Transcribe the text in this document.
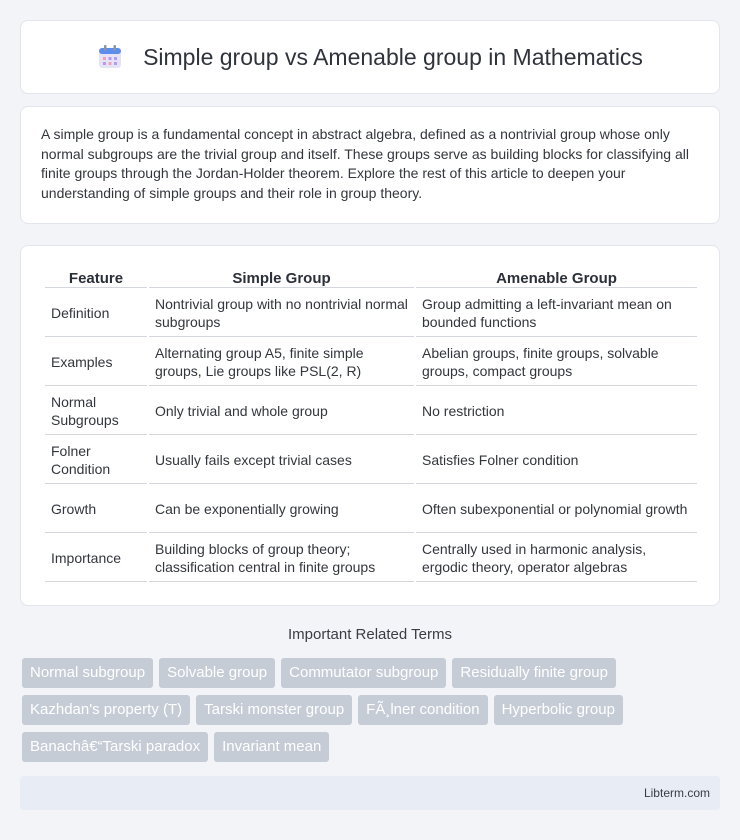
Simple group vs Amenable group in Mathematics

A simple group is a fundamental concept in abstract algebra, defined as a nontrivial group whose only normal subgroups are the trivial group and itself. These groups serve as building blocks for classifying all finite groups through the Jordan-Holder theorem. Explore the rest of this article to deepen your understanding of simple groups and their role in group theory.

Feature	Simple Group	Amenable Group
Definition	Nontrivial group with no nontrivial normal subgroups	Group admitting a left-invariant mean on bounded functions
Examples	Alternating group A5, finite simple groups, Lie groups like PSL(2, R)	Abelian groups, finite groups, solvable groups, compact groups
Normal Subgroups	Only trivial and whole group	No restriction
Folner Condition	Usually fails except trivial cases	Satisfies Folner condition
Growth	Can be exponentially growing	Often subexponential or polynomial growth
Importance	Building blocks of group theory; classification central in finite groups	Centrally used in harmonic analysis, ergodic theory, operator algebras
Important Related Terms
Normal subgroup Solvable group Commutator subgroup Residually finite group
Kazhdan's property (T) Tarski monster group FÃ¸lner condition Hyperbolic group
Banachâ€“Tarski paradox Invariant mean
Libterm.com
